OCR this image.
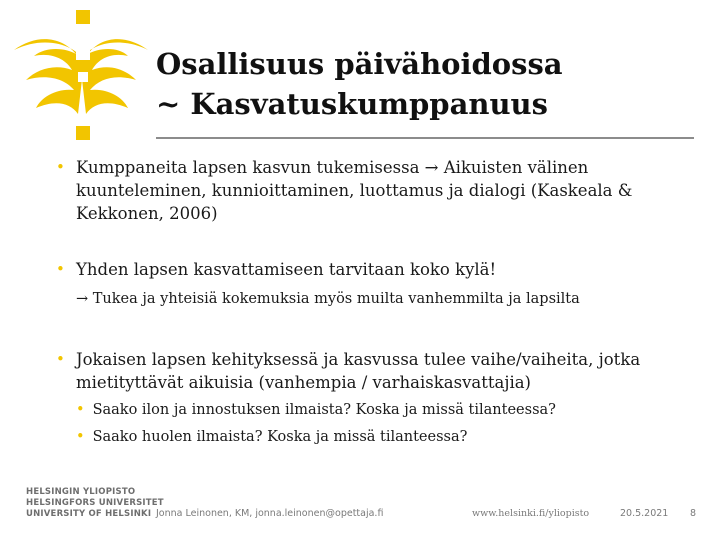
Osallisuus päivähoidossa
~ Kasvatuskumppanuus
• Kumppaneita lapsen kasvun tukemisessa → Aikuisten välinen kuunteleminen, kunnioittaminen, luottamus ja dialogi (Kaskeala & Kekkonen, 2006)
• Yhden lapsen kasvattamiseen tarvitaan koko kylä!
→ Tukea ja yhteisiä kokemuksia myös muilta vanhemmilta ja lapsilta
• Jokaisen lapsen kehityksessä ja kasvussa tulee vaihe/vaiheita, jotka mietityttävät aikuisia (vanhempia / varhaiskasvattajia)
• Saako ilon ja innostuksen ilmaista? Koska ja missä tilanteessa?
• Saako huolen ilmaista? Koska ja missä tilanteessa?
HELSINGIN YLIOPISTO
HELSINGFORS UNIVERSITET
UNIVERSITY OF HELSINKI Jonna Leinonen, KM, jonna.leinonen@opettaja.fi	www.helsinki.fi/yliopisto	20.5.2021 8
